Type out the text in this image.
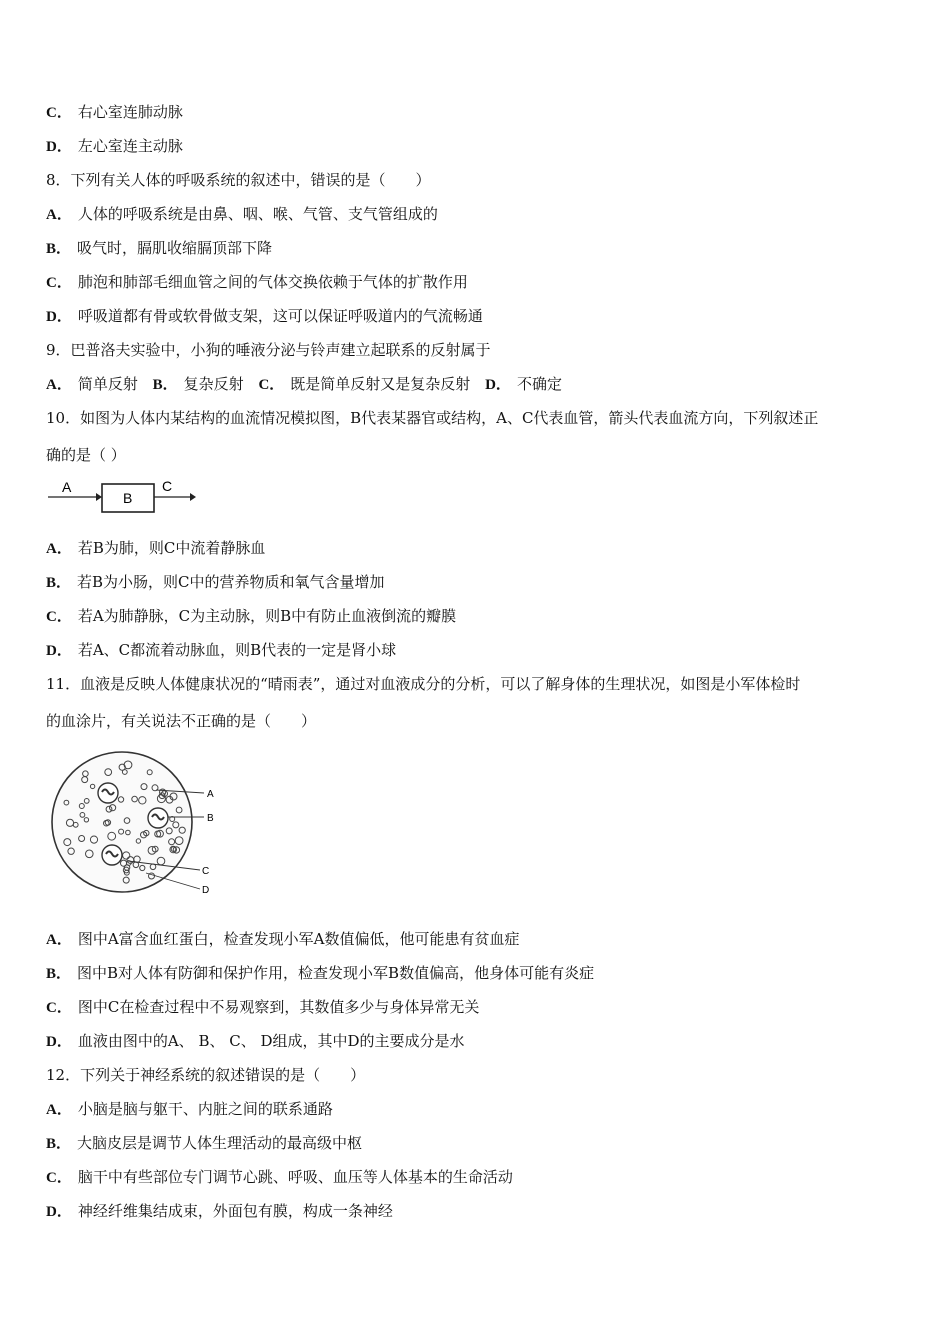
C． 右心室连肺动脉
D． 左心室连主动脉
8．下列有关人体的呼吸系统的叙述中，错误的是（　　）
A． 人体的呼吸系统是由鼻、咽、喉、气管、支气管组成的
B． 吸气时，膈肌收缩膈顶部下降
C． 肺泡和肺部毛细血管之间的气体交换依赖于气体的扩散作用
D． 呼吸道都有骨或软骨做支架，这可以保证呼吸道内的气流畅通
9．巴普洛夫实验中，小狗的唾液分泌与铃声建立起联系的反射属于
A． 简单反射 B． 复杂反射 C． 既是简单反射又是复杂反射 D． 不确定
10．如图为人体内某结构的血流情况模拟图，B代表某器官或结构，A、C代表血管，箭头代表血流方向，下列叙述正
确的是（ ）
A
B
C
A． 若B为肺，则C中流着静脉血
B． 若B为小肠，则C中的营养物质和氧气含量增加
C． 若A为肺静脉，C为主动脉，则B中有防止血液倒流的瓣膜
D． 若A、C都流着动脉血，则B代表的一定是肾小球
11．血液是反映人体健康状况的“晴雨表”，通过对血液成分的分析，可以了解身体的生理状况，如图是小军体检时
的血涂片，有关说法不正确的是（　　）
A
B
C
D
A． 图中A富含血红蛋白，检查发现小军A数值偏低，他可能患有贫血症
B． 图中B对人体有防御和保护作用，检查发现小军B数值偏高，他身体可能有炎症
C． 图中C在检查过程中不易观察到，其数值多少与身体异常无关
D． 血液由图中的A、 B、 C、 D组成，其中D的主要成分是水
12．下列关于神经系统的叙述错误的是（　　）
A． 小脑是脑与躯干、内脏之间的联系通路
B． 大脑皮层是调节人体生理活动的最高级中枢
C． 脑干中有些部位专门调节心跳、呼吸、血压等人体基本的生命活动
D． 神经纤维集结成束，外面包有膜，构成一条神经
